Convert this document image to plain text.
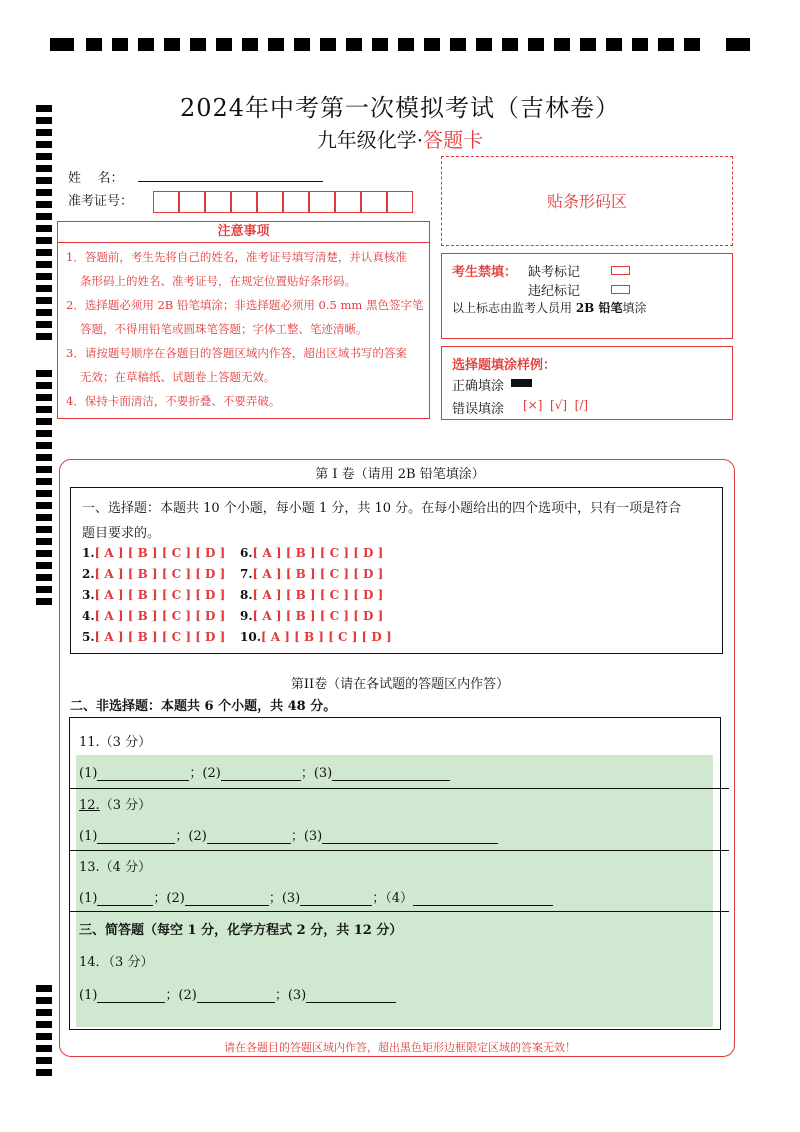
2024年中考第一次模拟考试（吉林卷）
九年级化学·答题卡
姓    名：
准考证号：	贴条形码区
注意事项
1．答题前，考生先将自己的姓名，准考证号填写清楚，并认真核准
条形码上的姓名、准考证号，在规定位置贴好条形码。
2．选择题必须用 2B 铅笔填涂；非选择题必须用 0.5 mm 黑色签字笔
答题，不得用铅笔或圆珠笔答题；字体工整、笔迹清晰。
3．请按题号顺序在各题目的答题区域内作答，超出区域书写的答案
无效；在草稿纸、试题卷上答题无效。
4．保持卡面清洁，不要折叠、不要弄破。
考生禁填： 缺考标记
违纪标记
以上标志由监考人员用 2B 铅笔填涂
选择题填涂样例：
正确填涂
错误填涂 [×]  [√]  [/]
第 I 卷（请用 2B 铅笔填涂）
一、选择题：本题共 10 个小题，每小题 1 分，共 10 分。在每小题给出的四个选项中，只有一项是符合
题目要求的。
1.[ A ] [ B ] [ C ] [ D ]
2.[ A ] [ B ] [ C ] [ D ]
3.[ A ] [ B ] [ C ] [ D ]
4.[ A ] [ B ] [ C ] [ D ]
5.[ A ] [ B ] [ C ] [ D ]
6.[ A ] [ B ] [ C ] [ D ]
7.[ A ] [ B ] [ C ] [ D ]
8.[ A ] [ B ] [ C ] [ D ]
9.[ A ] [ B ] [ C ] [ D ]
10.[ A ] [ B ] [ C ] [ D ]
第II卷（请在各试题的答题区内作答）
二、非选择题：本题共 6 个小题，共 48 分。
11.（3 分）
(1)	；(2)	；(3)
12.（3 分）
(1)	；(2)	；(3)
13.（4 分）
(1)	；(2)	；(3)	；（4）
三、简答题（每空 1 分，化学方程式 2 分，共 12 分）
14．（3 分）
(1)	；(2)	；(3)
请在各题目的答题区域内作答，超出黑色矩形边框限定区域的答案无效！
